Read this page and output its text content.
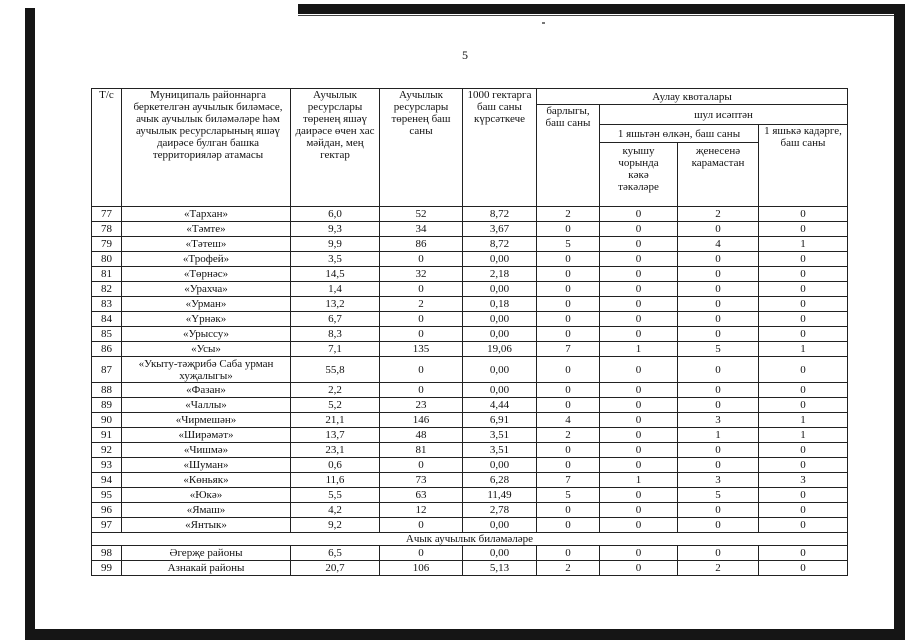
5
Т/с	Муниципаль районнарга беркетелгән аучылык биләмәсе, ачык аучылык биләмәләре һәм аучылык ресурсларының яшәү даирәсе булган башка территорияләр атамасы	Аучылык ресурслары төренең яшәү даирәсе өчен хас мәйдан, мең гектар	Аучылык ресурслары төренең баш саны	1000 гектарга баш саны күрсәткече	Аулау квоталары			
					барлыгы, баш саны	шул исәптән		
						1 яшьтән өлкән, баш саны		1 яшькә кадәрге, баш саны
						куышу чорында кәкә тәкәләре	җенесенә карамастан	
77	«Тархан»	6,0	52	8,72	2	0	2	0
78	«Тәмте»	9,3	34	3,67	0	0	0	0
79	«Тәтеш»	9,9	86	8,72	5	0	4	1
80	«Трофей»	3,5	0	0,00	0	0	0	0
81	«Төрнәс»	14,5	32	2,18	0	0	0	0
82	«Урахча»	1,4	0	0,00	0	0	0	0
83	«Урман»	13,2	2	0,18	0	0	0	0
84	«Үрнәк»	6,7	0	0,00	0	0	0	0
85	«Урыссу»	8,3	0	0,00	0	0	0	0
86	«Усы»	7,1	135	19,06	7	1	5	1
87	«Укыту-тәҗрибә Саба урман хуҗалыгы»	55,8	0	0,00	0	0	0	0
88	«Фазан»	2,2	0	0,00	0	0	0	0
89	«Чаллы»	5,2	23	4,44	0	0	0	0
90	«Чирмешән»	21,1	146	6,91	4	0	3	1
91	«Ширәмәт»	13,7	48	3,51	2	0	1	1
92	«Чишмә»	23,1	81	3,51	0	0	0	0
93	«Шуман»	0,6	0	0,00	0	0	0	0
94	«Көньяк»	11,6	73	6,28	7	1	3	3
95	«Юкә»	5,5	63	11,49	5	0	5	0
96	«Ямаш»	4,2	12	2,78	0	0	0	0
97	«Янтык»	9,2	0	0,00	0	0	0	0
Ачык аучылык биләмәләре								
98	Әгерҗе районы	6,5	0	0,00	0	0	0	0
99	Азнакай районы	20,7	106	5,13	2	0	2	0
